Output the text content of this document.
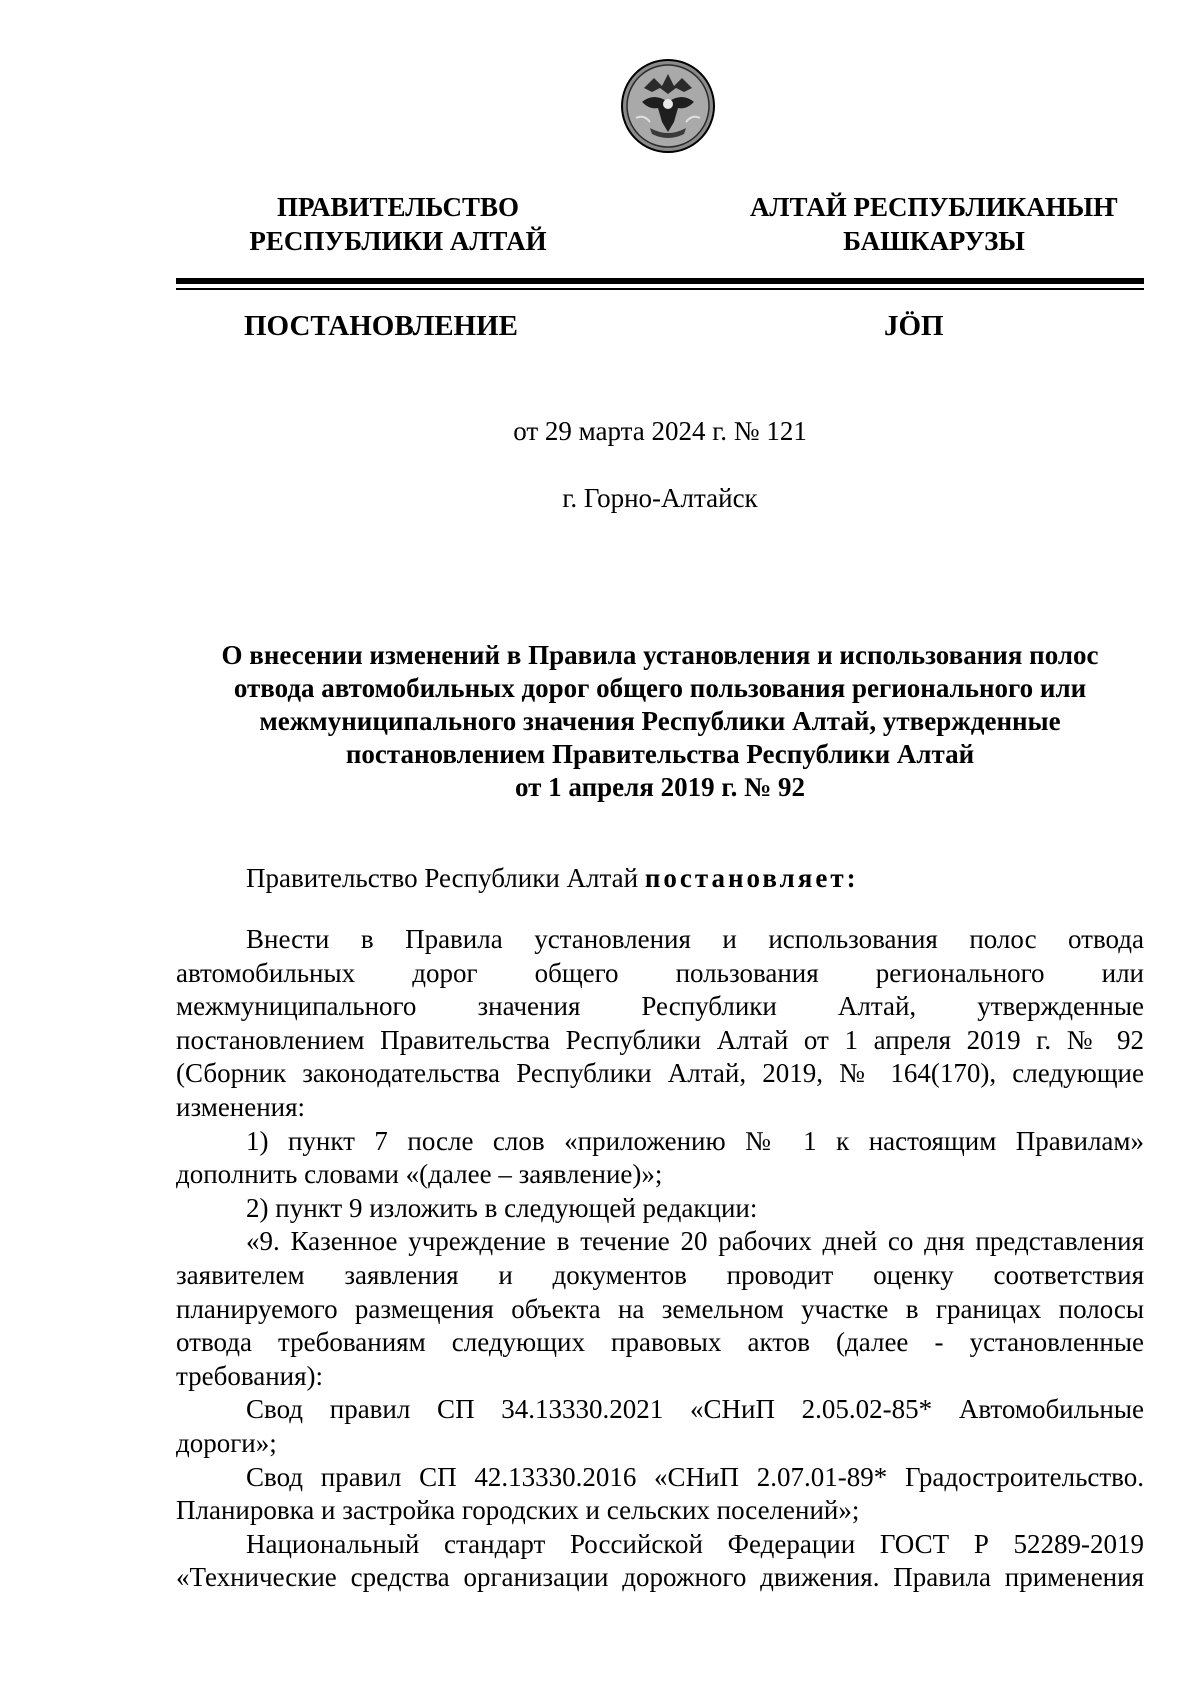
ПРАВИТЕЛЬСТВО
РЕСПУБЛИКИ АЛТАЙ
АЛТАЙ РЕСПУБЛИКАНЫҤ
БАШКАРУЗЫ
ПОСТАНОВЛЕНИЕ	JӦП
от 29 марта 2024 г. № 121
г. Горно-Алтайск
О внесении изменений в Правила установления и использования полос
отвода автомобильных дорог общего пользования регионального или
межмуниципального значения Республики Алтай, утвержденные
постановлением Правительства Республики Алтай
от 1 апреля 2019 г. № 92
Правительство Республики Алтай постановляет:
Внести в Правила установления и использования полос отвода
автомобильных дорог общего пользования регионального или
межмуниципального значения Республики Алтай, утвержденные
постановлением Правительства Республики Алтай от 1 апреля 2019 г. № 92
(Сборник законодательства Республики Алтай, 2019, № 164(170), следующие
изменения:
1) пункт 7 после слов «приложению № 1 к настоящим Правилам»
дополнить словами «(далее – заявление)»;
2) пункт 9 изложить в следующей редакции:
«9. Казенное учреждение в течение 20 рабочих дней со дня представления
заявителем заявления и документов проводит оценку соответствия
планируемого размещения объекта на земельном участке в границах полосы
отвода требованиям следующих правовых актов (далее - установленные
требования):
Свод правил СП 34.13330.2021 «СНиП 2.05.02-85* Автомобильные
дороги»;
Свод правил СП 42.13330.2016 «СНиП 2.07.01-89* Градостроительство.
Планировка и застройка городских и сельских поселений»;
Национальный стандарт Российской Федерации ГОСТ Р 52289-2019
«Технические средства организации дорожного движения. Правила применения
